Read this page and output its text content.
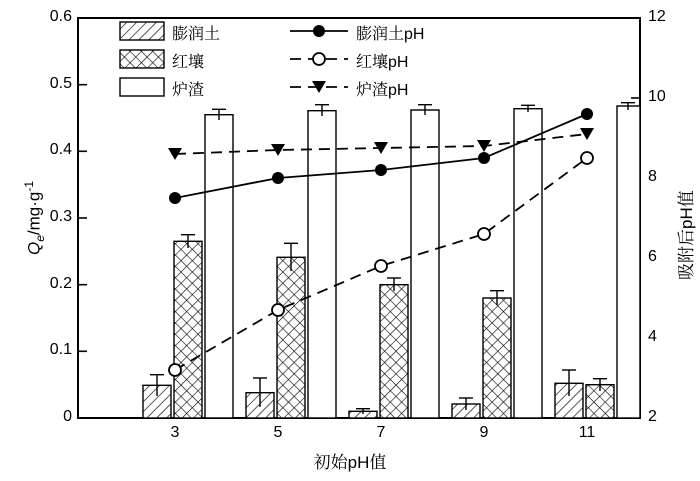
$Q_e/mg\cdot g^{-1}$
吸附后pH值
初始pH值
膨润土
红壤
炉渣
膨润土pH
红壤pH
炉渣pH
0
0.1
0.2
0.3
0.4
0.5
0.6
2
4
6
8
10
12
3	5	7	9	11
